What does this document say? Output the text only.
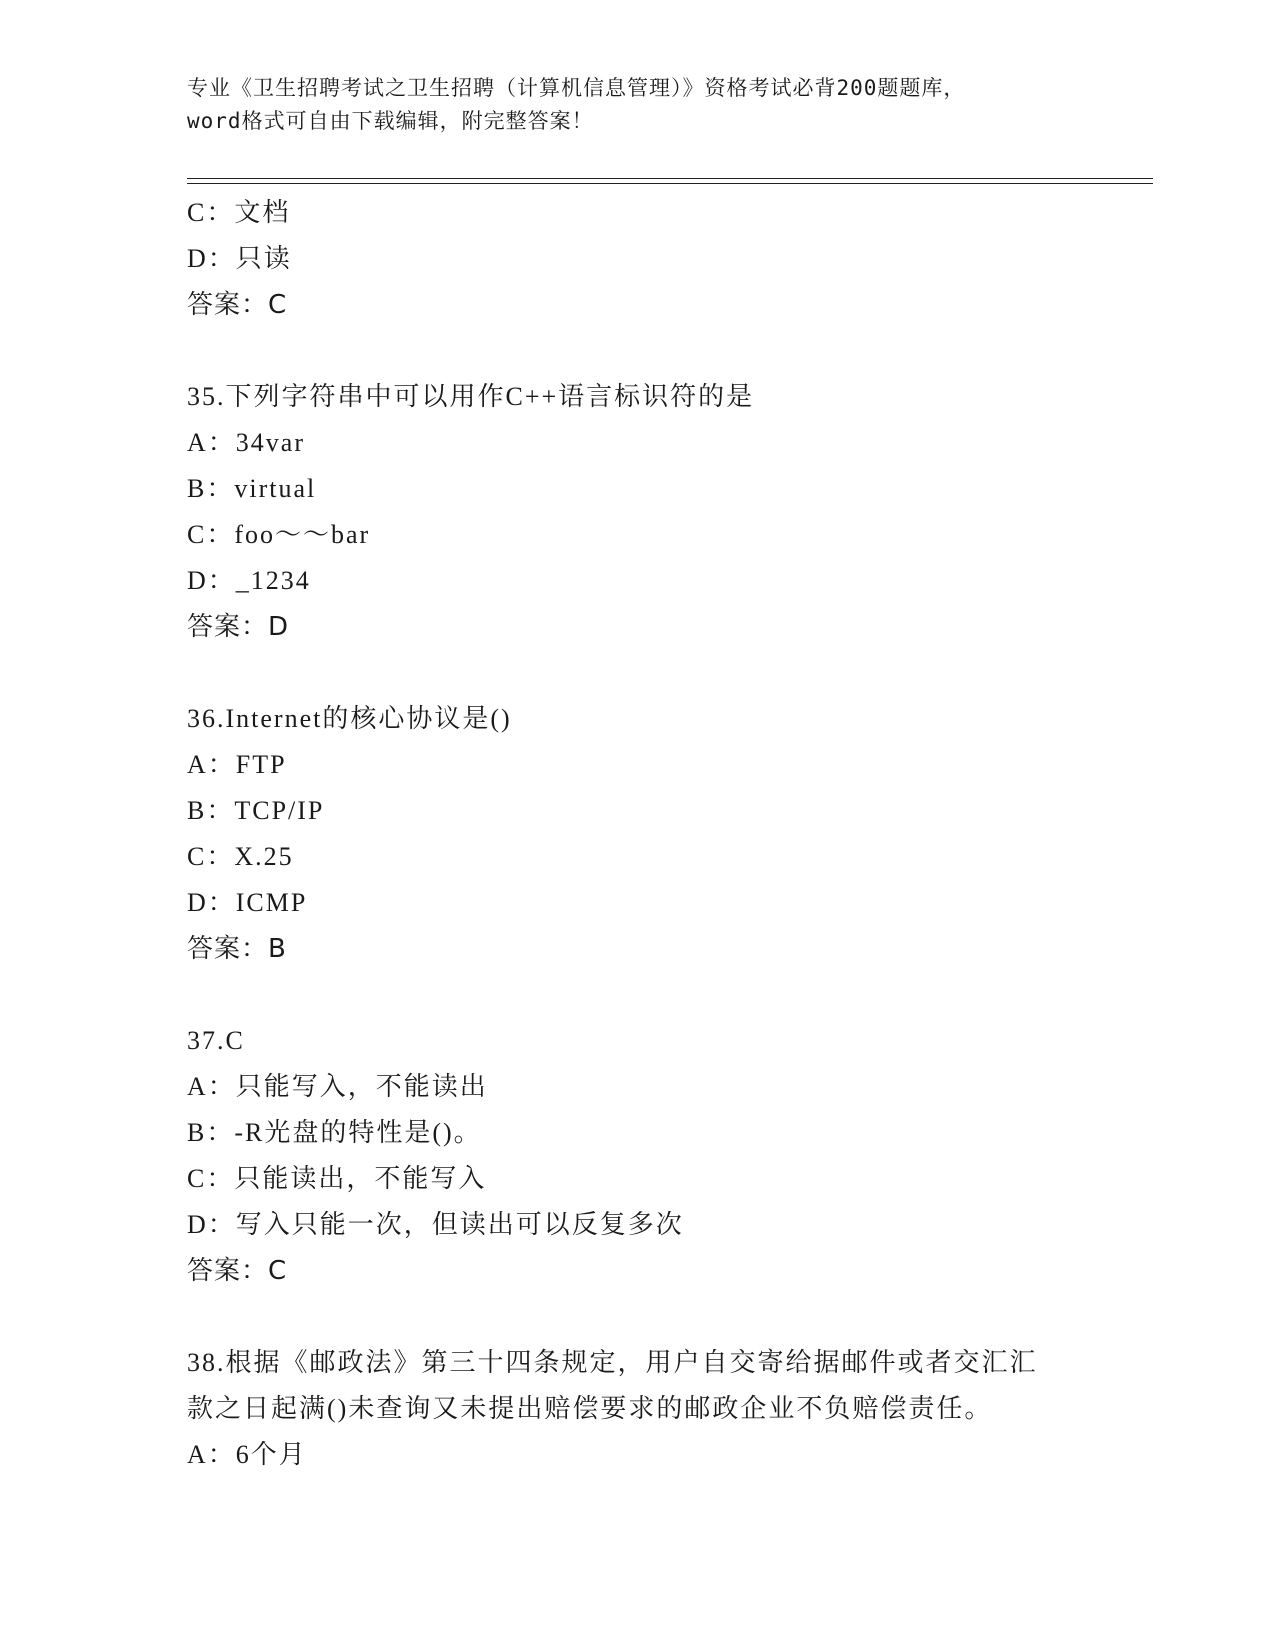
专业《卫生招聘考试之卫生招聘（计算机信息管理）》资格考试必背200题题库，
word格式可自由下载编辑，附完整答案！
C：文档
D：只读
答案：C
35.下列字符串中可以用作C++语言标识符的是
A：34var
B：virtual
C：foo～～bar
D：_1234
答案：D
36.Internet的核心协议是()
A：FTP
B：TCP/IP
C：X.25
D：ICMP
答案：B
37.C
A：只能写入，不能读出
B：-R光盘的特性是()。
C：只能读出，不能写入
D：写入只能一次，但读出可以反复多次
答案：C
38.根据《邮政法》第三十四条规定，用户自交寄给据邮件或者交汇汇
款之日起满()未查询又未提出赔偿要求的邮政企业不负赔偿责任。
A：6个月
